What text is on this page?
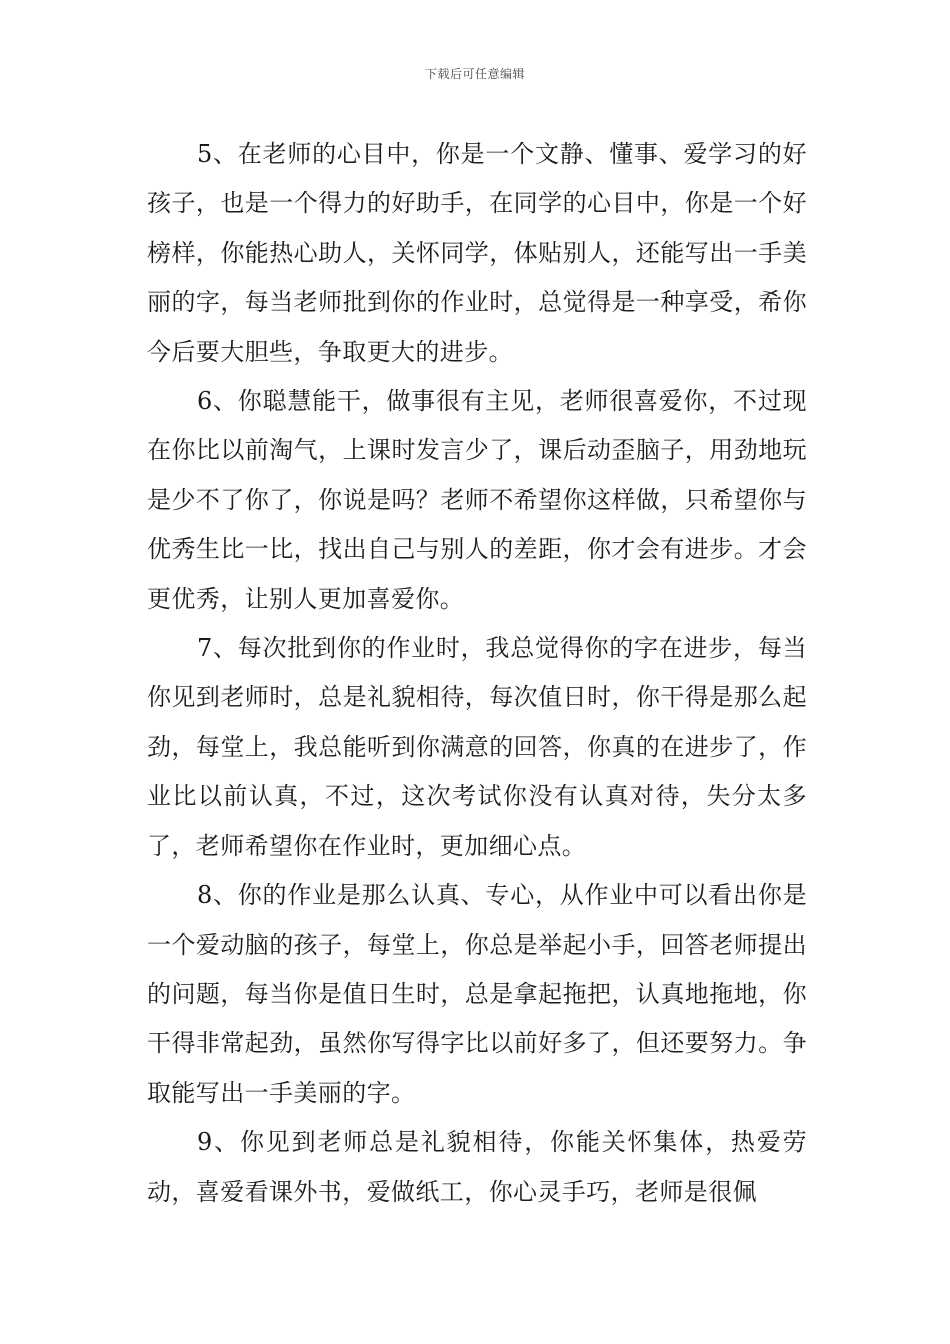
下载后可任意编辑

5、在老师的心目中，你是一个文静、懂事、爱学习的好孩子，也是一个得力的好助手，在同学的心目中，你是一个好榜样，你能热心助人，关怀同学，体贴别人，还能写出一手美丽的字，每当老师批到你的作业时，总觉得是一种享受，希你今后要大胆些，争取更大的进步。

6、你聪慧能干，做事很有主见，老师很喜爱你，不过现在你比以前淘气，上课时发言少了，课后动歪脑子，用劲地玩是少不了你了，你说是吗？老师不希望你这样做，只希望你与优秀生比一比，找出自己与别人的差距，你才会有进步。才会更优秀，让别人更加喜爱你。

7、每次批到你的作业时，我总觉得你的字在进步，每当你见到老师时，总是礼貌相待，每次值日时，你干得是那么起劲，每堂上，我总能听到你满意的回答，你真的在进步了，作业比以前认真，不过，这次考试你没有认真对待，失分太多了，老师希望你在作业时，更加细心点。

8、你的作业是那么认真、专心，从作业中可以看出你是一个爱动脑的孩子，每堂上，你总是举起小手，回答老师提出的问题，每当你是值日生时，总是拿起拖把，认真地拖地，你干得非常起劲，虽然你写得字比以前好多了，但还要努力。争取能写出一手美丽的字。

9、你见到老师总是礼貌相待，你能关怀集体，热爱劳动，喜爱看课外书，爱做纸工，你心灵手巧，老师是很佩
